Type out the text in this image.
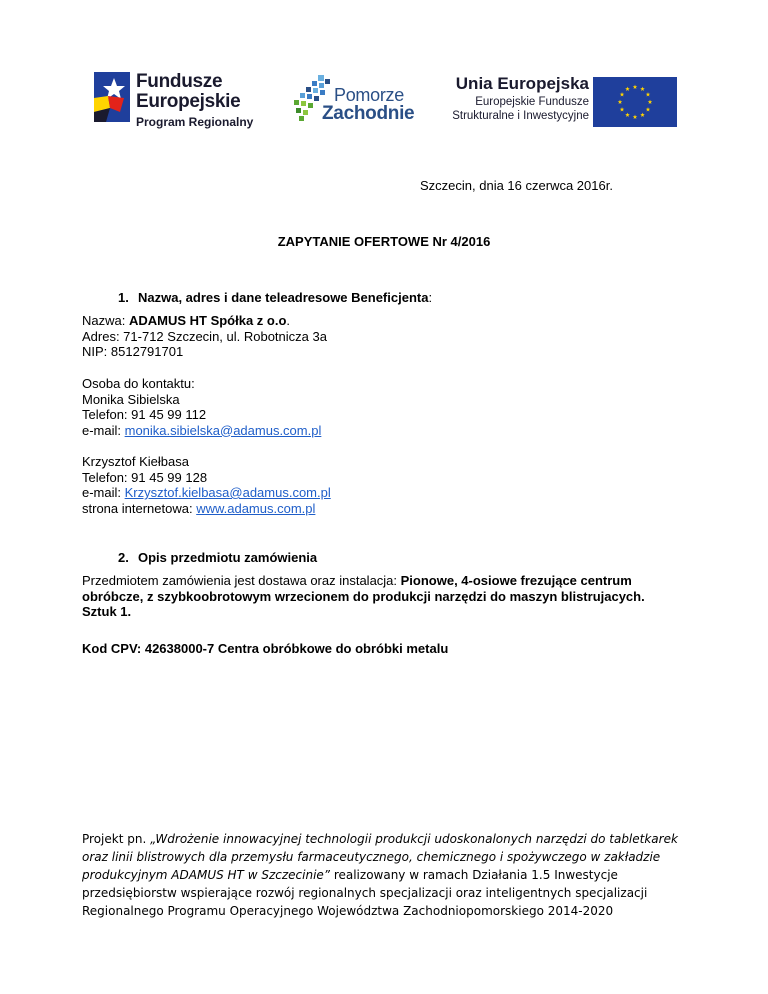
Fundusze
Europejskie
Program Regionalny
Pomorze
Zachodnie
Unia Europejska
Europejskie Fundusze
Strukturalne i Inwestycyjne
Szczecin, dnia 16 czerwca 2016r.
ZAPYTANIE OFERTOWE Nr 4/2016
1. Nazwa, adres i dane teleadresowe Beneficjenta:
Nazwa: ADAMUS HT Spółka z o.o.
Adres: 71-712 Szczecin, ul. Robotnicza 3a
NIP: 8512791701
Osoba do kontaktu:
Monika Sibielska
Telefon: 91 45 99 112
e-mail: monika.sibielska@adamus.com.pl
Krzysztof Kiełbasa
Telefon: 91 45 99 128
e-mail: Krzysztof.kielbasa@adamus.com.pl
strona internetowa: www.adamus.com.pl
2. Opis przedmiotu zamówienia
Przedmiotem zamówienia jest dostawa oraz instalacja: Pionowe, 4-osiowe frezujące centrum obróbcze, z szybkoobrotowym wrzecionem do produkcji narzędzi do maszyn blistrujacych. Sztuk 1.
Kod CPV: 42638000-7 Centra obróbkowe do obróbki metalu
Projekt pn. „Wdrożenie innowacyjnej technologii produkcji udoskonalonych narzędzi do tabletkarek oraz linii blistrowych dla przemysłu farmaceutycznego, chemicznego i spożywczego w zakładzie produkcyjnym ADAMUS HT w Szczecinie” realizowany w ramach Działania 1.5 Inwestycje przedsiębiorstw wspierające rozwój regionalnych specjalizacji oraz inteligentnych specjalizacji Regionalnego Programu Operacyjnego Województwa Zachodniopomorskiego 2014-2020
